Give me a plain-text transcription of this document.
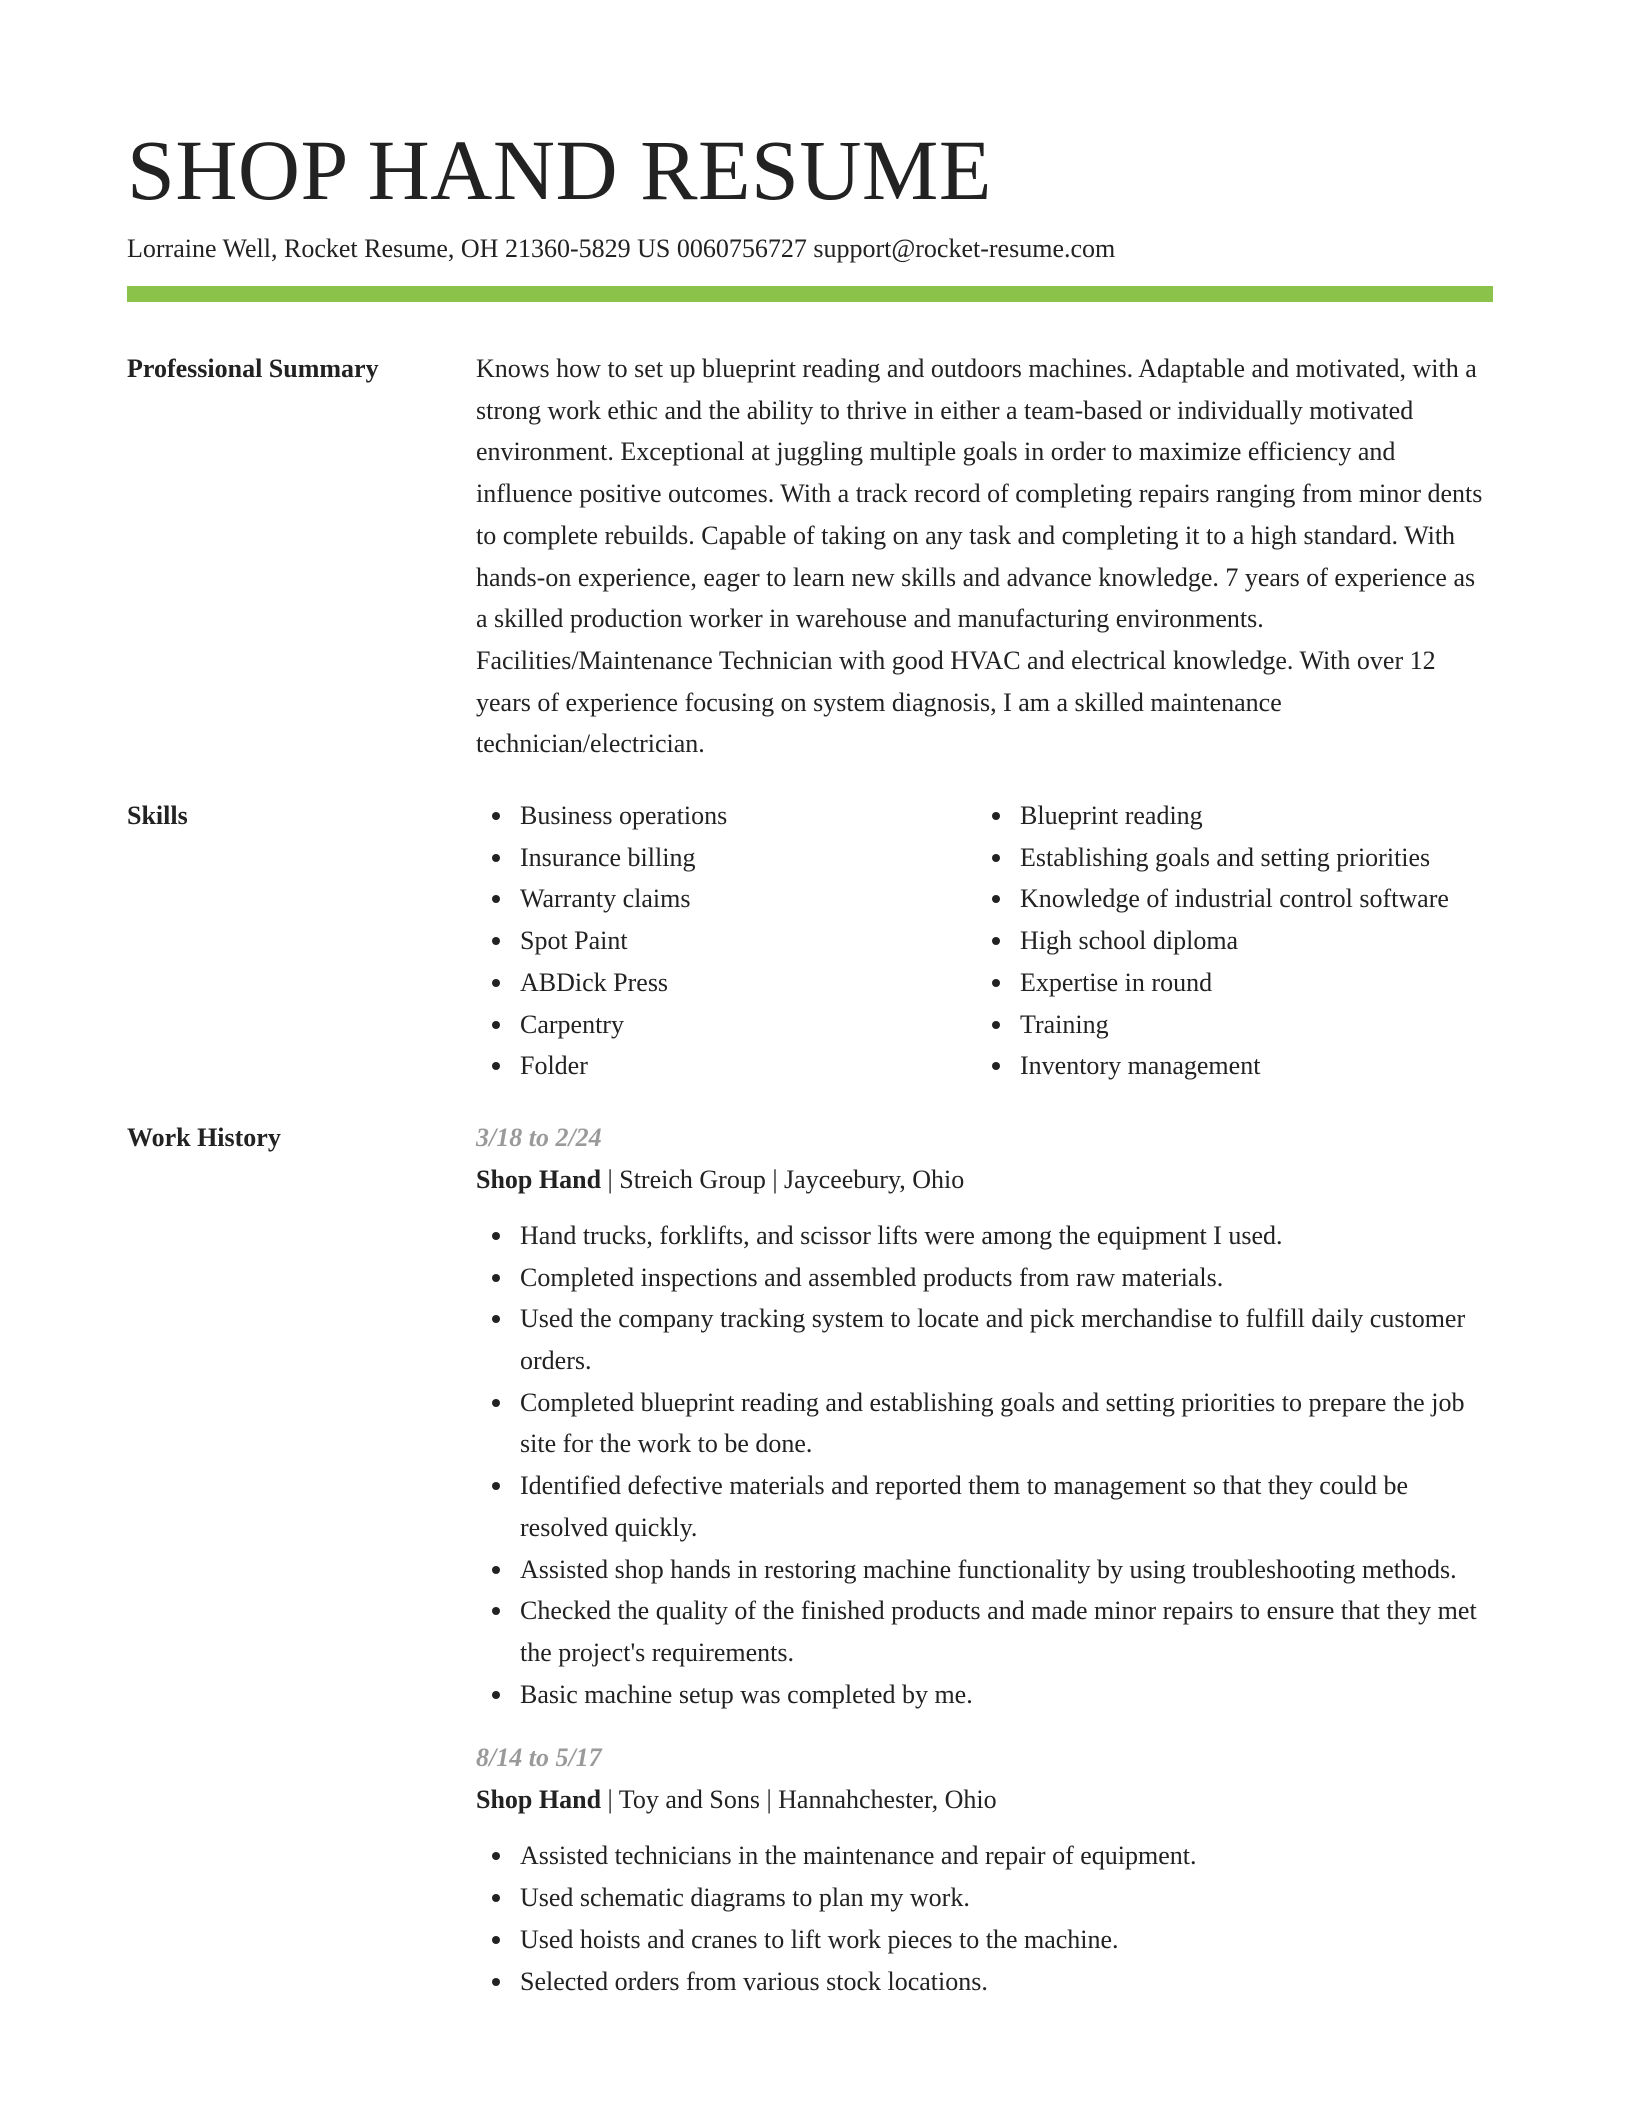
SHOP HAND RESUME
Lorraine Well, Rocket Resume, OH 21360-5829 US 0060756727 support@rocket-resume.com
Professional Summary	Knows how to set up blueprint reading and outdoors machines. Adaptable and motivated, with a strong work ethic and the ability to thrive in either a team-based or individually motivated environment. Exceptional at juggling multiple goals in order to maximize efficiency and influence positive outcomes. With a track record of completing repairs ranging from minor dents to complete rebuilds. Capable of taking on any task and completing it to a high standard. With hands-on experience, eager to learn new skills and advance knowledge. 7 years of experience as a skilled production worker in warehouse and manufacturing environments. Facilities/Maintenance Technician with good HVAC and electrical knowledge. With over 12 years of experience focusing on system diagnosis, I am a skilled maintenance technician/electrician.

Skills	Business operations
Insurance billing
Warranty claims
Spot Paint
ABDick Press
Carpentry
Folder
Blueprint reading
Establishing goals and setting priorities
Knowledge of industrial control software
High school diploma
Expertise in round
Training
Inventory management
Work History	3/18 to 2/24
Shop Hand | Streich Group | Jayceebury, Ohio
Hand trucks, forklifts, and scissor lifts were among the equipment I used.
Completed inspections and assembled products from raw materials.
Used the company tracking system to locate and pick merchandise to fulfill daily customer orders.
Completed blueprint reading and establishing goals and setting priorities to prepare the job site for the work to be done.
Identified defective materials and reported them to management so that they could be resolved quickly.
Assisted shop hands in restoring machine functionality by using troubleshooting methods.
Checked the quality of the finished products and made minor repairs to ensure that they met the project's requirements.
Basic machine setup was completed by me.
8/14 to 5/17
Shop Hand | Toy and Sons | Hannahchester, Ohio
Assisted technicians in the maintenance and repair of equipment.
Used schematic diagrams to plan my work.
Used hoists and cranes to lift work pieces to the machine.
Selected orders from various stock locations.
